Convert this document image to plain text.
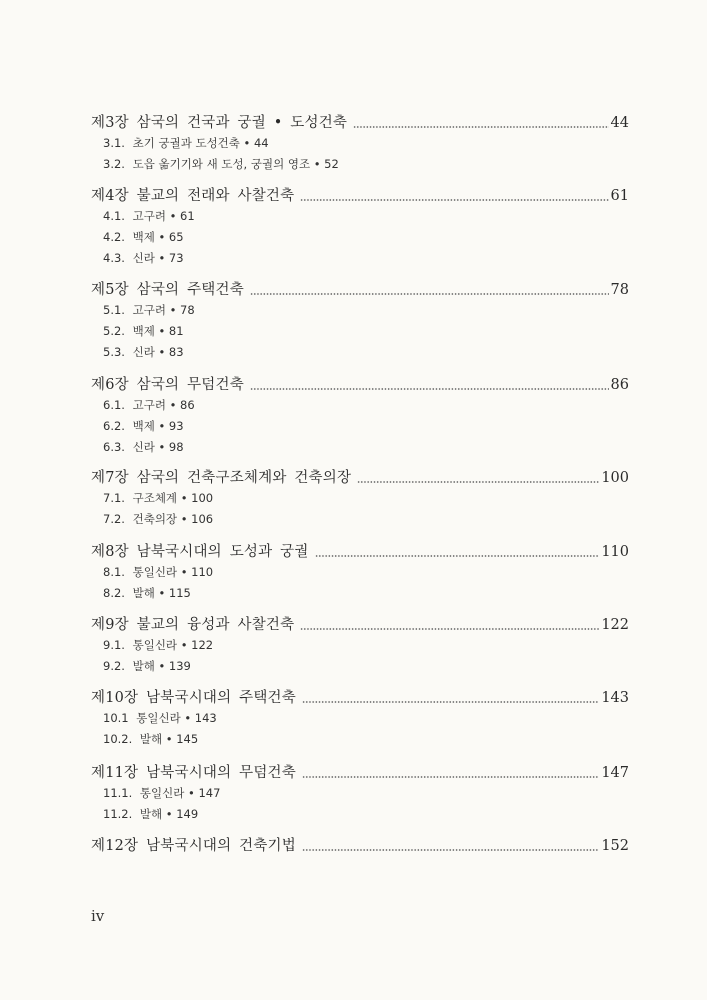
제3장 삼국의 건국과 궁궐 • 도성건축	44
3.1. 초기 궁궐과 도성건축 • 44
3.2. 도읍 옮기기와 새 도성, 궁궐의 영조 • 52
제4장 불교의 전래와 사찰건축	61
4.1. 고구려 • 61
4.2. 백제 • 65
4.3. 신라 • 73
제5장 삼국의 주택건축	78
5.1. 고구려 • 78
5.2. 백제 • 81
5.3. 신라 • 83
제6장 삼국의 무덤건축	86
6.1. 고구려 • 86
6.2. 백제 • 93
6.3. 신라 • 98
제7장 삼국의 건축구조체계와 건축의장	100
7.1. 구조체계 • 100
7.2. 건축의장 • 106
제8장 남북국시대의 도성과 궁궐	110
8.1. 통일신라 • 110
8.2. 발해 • 115
제9장 불교의 융성과 사찰건축	122
9.1. 통일신라 • 122
9.2. 발해 • 139
제10장 남북국시대의 주택건축	143
10.1 통일신라 • 143
10.2. 발해 • 145
제11장 남북국시대의 무덤건축	147
11.1. 통일신라 • 147
11.2. 발해 • 149
제12장 남북국시대의 건축기법	152
iv
